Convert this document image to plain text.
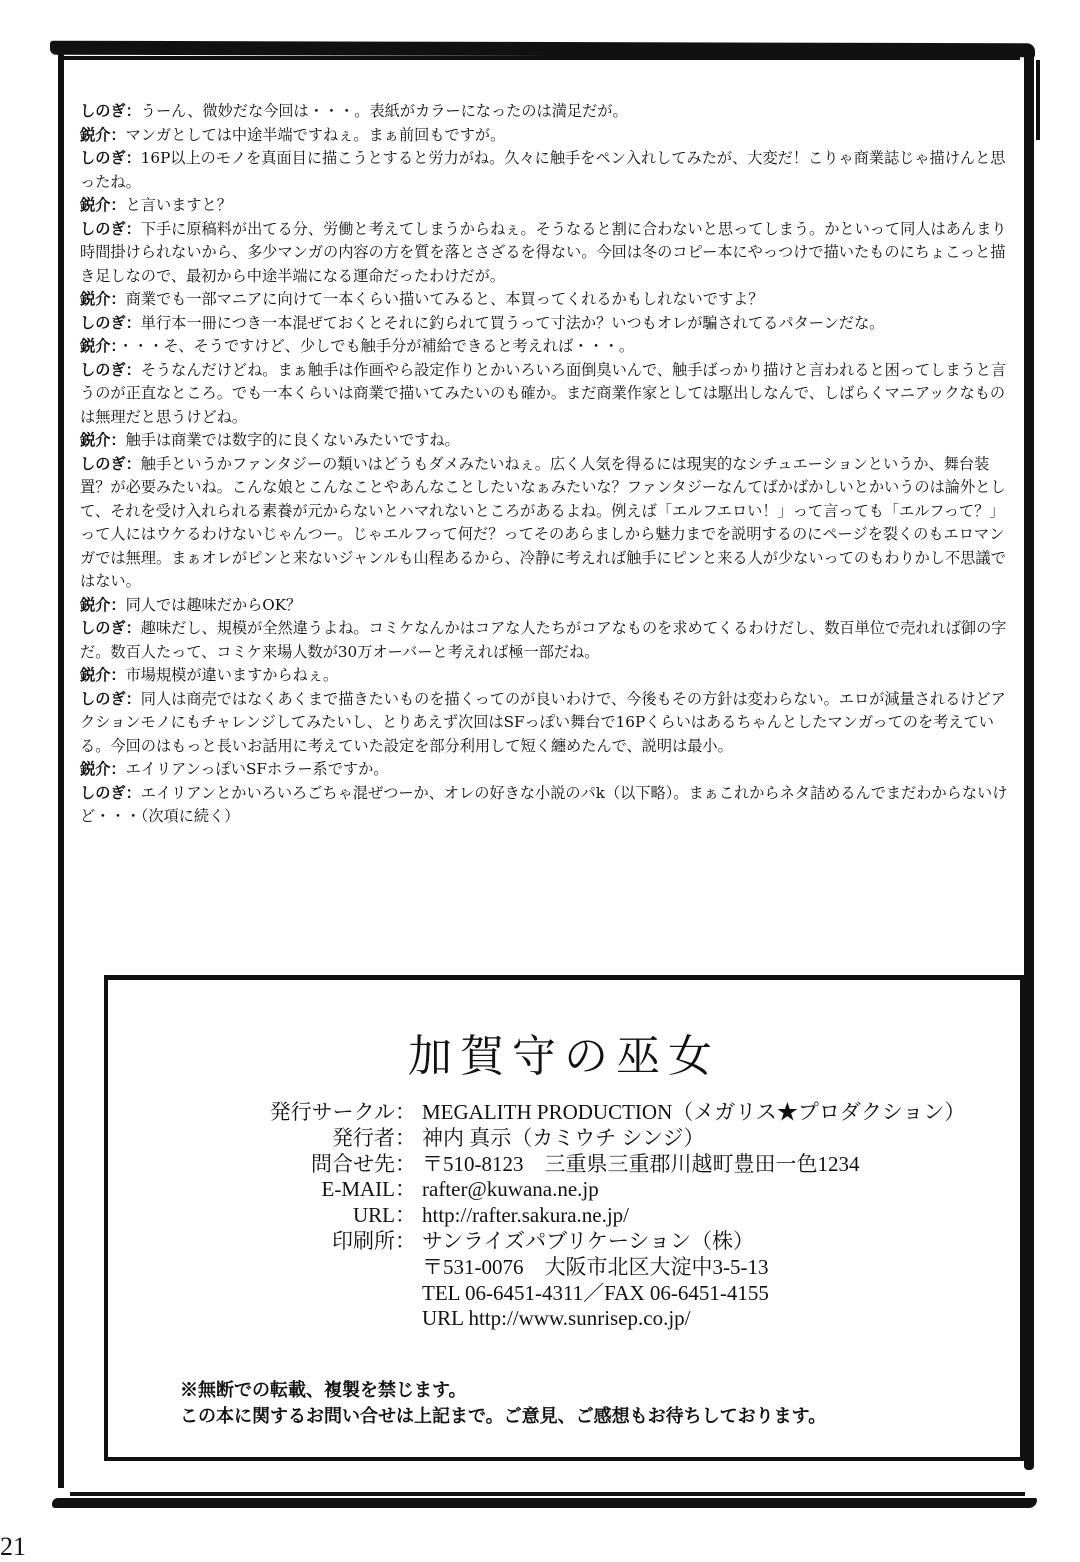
しのぎ：うーん、微妙だな今回は・・・。表紙がカラーになったのは満足だが。
鋭介：マンガとしては中途半端ですねぇ。まぁ前回もですが。
しのぎ：16P以上のモノを真面目に描こうとすると労力がね。久々に触手をペン入れしてみたが、大変だ！こりゃ商業誌じゃ描けんと思ったね。
鋭介：と言いますと？
しのぎ：下手に原稿料が出てる分、労働と考えてしまうからねぇ。そうなると割に合わないと思ってしまう。かといって同人はあんまり時間掛けられないから、多少マンガの内容の方を質を落とさざるを得ない。今回は冬のコピー本にやっつけで描いたものにちょこっと描き足しなので、最初から中途半端になる運命だったわけだが。
鋭介：商業でも一部マニアに向けて一本くらい描いてみると、本買ってくれるかもしれないですよ？
しのぎ：単行本一冊につき一本混ぜておくとそれに釣られて買うって寸法か？いつもオレが騙されてるパターンだな。
鋭介：・・・そ、そうですけど、少しでも触手分が補給できると考えれば・・・。
しのぎ：そうなんだけどね。まぁ触手は作画やら設定作りとかいろいろ面倒臭いんで、触手ばっかり描けと言われると困ってしまうと言うのが正直なところ。でも一本くらいは商業で描いてみたいのも確か。まだ商業作家としては駆出しなんで、しばらくマニアックなものは無理だと思うけどね。
鋭介：触手は商業では数字的に良くないみたいですね。
しのぎ：触手というかファンタジーの類いはどうもダメみたいねぇ。広く人気を得るには現実的なシチュエーションというか、舞台装置？が必要みたいね。こんな娘とこんなことやあんなことしたいなぁみたいな？ファンタジーなんてばかばかしいとかいうのは論外として、それを受け入れられる素養が元からないとハマれないところがあるよね。例えば「エルフエロい！」って言っても「エルフって？」って人にはウケるわけないじゃんつー。じゃエルフって何だ？ってそのあらましから魅力までを説明するのにページを裂くのもエロマンガでは無理。まぁオレがピンと来ないジャンルも山程あるから、冷静に考えれば触手にピンと来る人が少ないってのもわりかし不思議ではない。
鋭介：同人では趣味だからOK？
しのぎ：趣味だし、規模が全然違うよね。コミケなんかはコアな人たちがコアなものを求めてくるわけだし、数百単位で売れれば御の字だ。数百人たって、コミケ来場人数が30万オーバーと考えれば極一部だね。
鋭介：市場規模が違いますからねぇ。
しのぎ：同人は商売ではなくあくまで描きたいものを描くってのが良いわけで、今後もその方針は変わらない。エロが減量されるけどアクションモノにもチャレンジしてみたいし、とりあえず次回はSFっぽい舞台で16Pくらいはあるちゃんとしたマンガってのを考えている。今回のはもっと長いお話用に考えていた設定を部分利用して短く纏めたんで、説明は最小。
鋭介：エイリアンっぽいSFホラー系ですか。
しのぎ：エイリアンとかいろいろごちゃ混ぜつーか、オレの好きな小説のパk（以下略）。まぁこれからネタ詰めるんでまだわからないけど・・・（次項に続く）
加賀守の巫女
発行サークル： MEGALITH PRODUCTION（メガリス★プロダクション）
発行者： 神内 真示（カミウチ シンジ）
問合せ先： 〒510-8123　三重県三重郡川越町豊田一色1234
E-MAIL： rafter@kuwana.ne.jp
URL： http://rafter.sakura.ne.jp/
印刷所： サンライズパブリケーション（株）
〒531-0076　大阪市北区大淀中3-5-13
TEL 06-6451-4311／FAX 06-6451-4155
URL http://www.sunrisep.co.jp/
※無断での転載、複製を禁じます。
この本に関するお問い合せは上記まで。ご意見、ご感想もお待ちしております。
21
